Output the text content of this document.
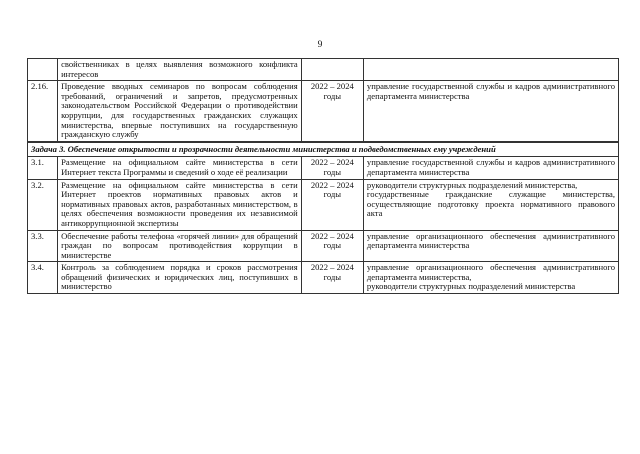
9
	свойственниках в целях выявления возможного конфликта интересов		
2.16.	Проведение вводных семинаров по вопросам соблюдения требований, ограничений и запретов, предусмотренных законодательством Российской Федерации о противодействии коррупции, для государственных гражданских служащих министерства, впервые поступивших на государственную гражданскую службу	2022 – 2024 годы	управление государственной службы и кадров административного департамента министерства
Задача 3. Обеспечение открытости и прозрачности деятельности министерства и подведомственных ему учреждений			
3.1.	Размещение на официальном сайте министерства в сети Интернет текста Программы и сведений о ходе её реализации	2022 – 2024 годы	управление государственной службы и кадров административного департамента министерства
3.2.	Размещение на официальном сайте министерства в сети Интернет проектов нормативных правовых актов и нормативных правовых актов, разработанных министерством, в целях обеспечения возможности проведения их независимой антикоррупционной экспертизы	2022 – 2024 годы	руководители структурных подразделений министерства,
государственные гражданские служащие министерства, осуществляющие подготовку проекта нормативного правового акта

3.3.	Обеспечение работы телефона «горячей линии» для обращений граждан по вопросам противодействия коррупции в министерстве	2022 – 2024 годы	управление организационного обеспечения административного департамента министерства
3.4.	Контроль за соблюдением порядка и сроков рассмотрения обращений физических и юридических лиц, поступивших в министерство	2022 – 2024 годы	управление организационного обеспечения административного департамента министерства,
руководители структурных подразделений министерства
